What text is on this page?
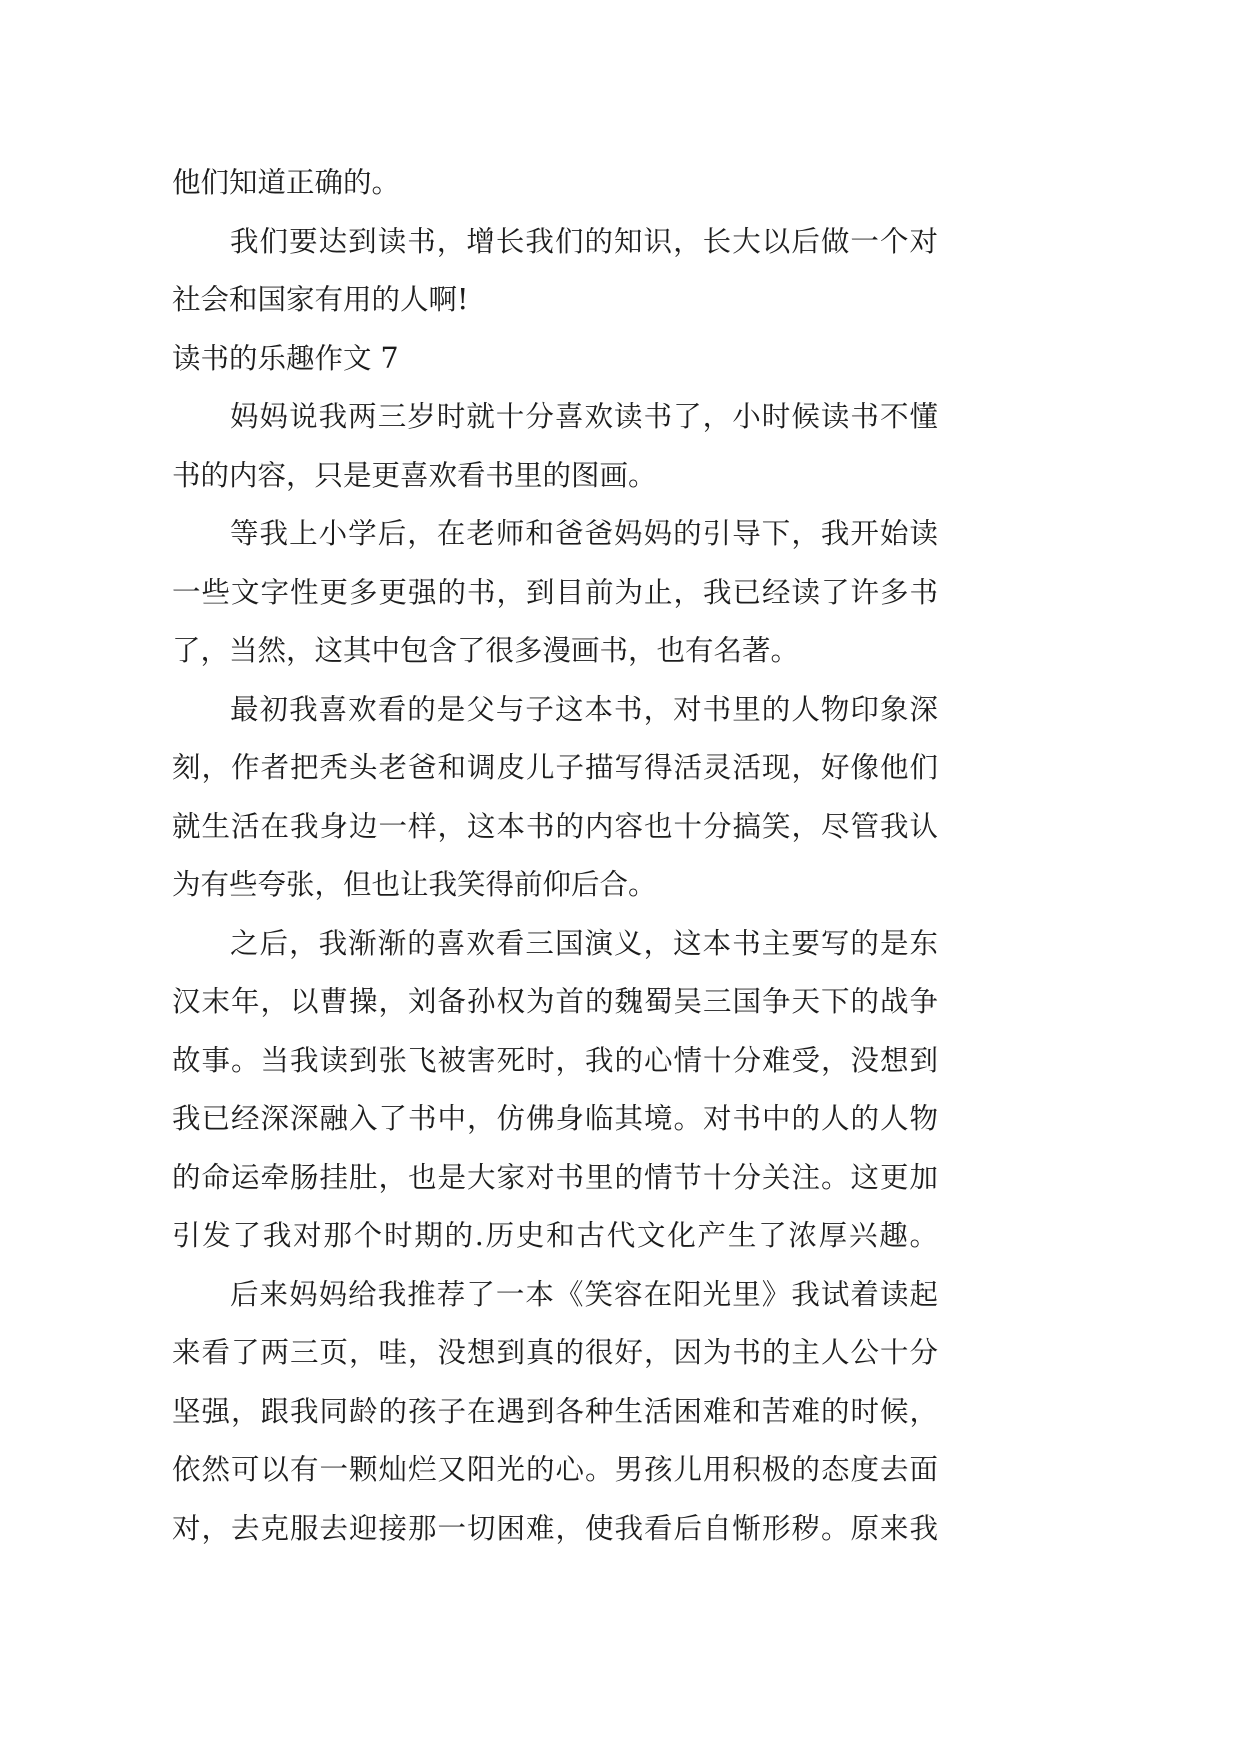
他们知道正确的。
我们要达到读书，增长我们的知识，长大以后做一个对
社会和国家有用的人啊!
读书的乐趣作文 7
妈妈说我两三岁时就十分喜欢读书了，小时候读书不懂
书的内容，只是更喜欢看书里的图画。
等我上小学后，在老师和爸爸妈妈的引导下，我开始读
一些文字性更多更强的书，到目前为止，我已经读了许多书
了，当然，这其中包含了很多漫画书，也有名著。
最初我喜欢看的是父与子这本书，对书里的人物印象深
刻，作者把秃头老爸和调皮儿子描写得活灵活现，好像他们
就生活在我身边一样，这本书的内容也十分搞笑，尽管我认
为有些夸张，但也让我笑得前仰后合。
之后，我渐渐的喜欢看三国演义，这本书主要写的是东
汉末年，以曹操，刘备孙权为首的魏蜀吴三国争天下的战争
故事。当我读到张飞被害死时，我的心情十分难受，没想到
我已经深深融入了书中，仿佛身临其境。对书中的人的人物
的命运牵肠挂肚，也是大家对书里的情节十分关注。这更加
引发了我对那个时期的.历史和古代文化产生了浓厚兴趣。
后来妈妈给我推荐了一本《笑容在阳光里》我试着读起
来看了两三页，哇，没想到真的很好，因为书的主人公十分
坚强，跟我同龄的孩子在遇到各种生活困难和苦难的时候，
依然可以有一颗灿烂又阳光的心。男孩儿用积极的态度去面
对，去克服去迎接那一切困难，使我看后自惭形秽。原来我
